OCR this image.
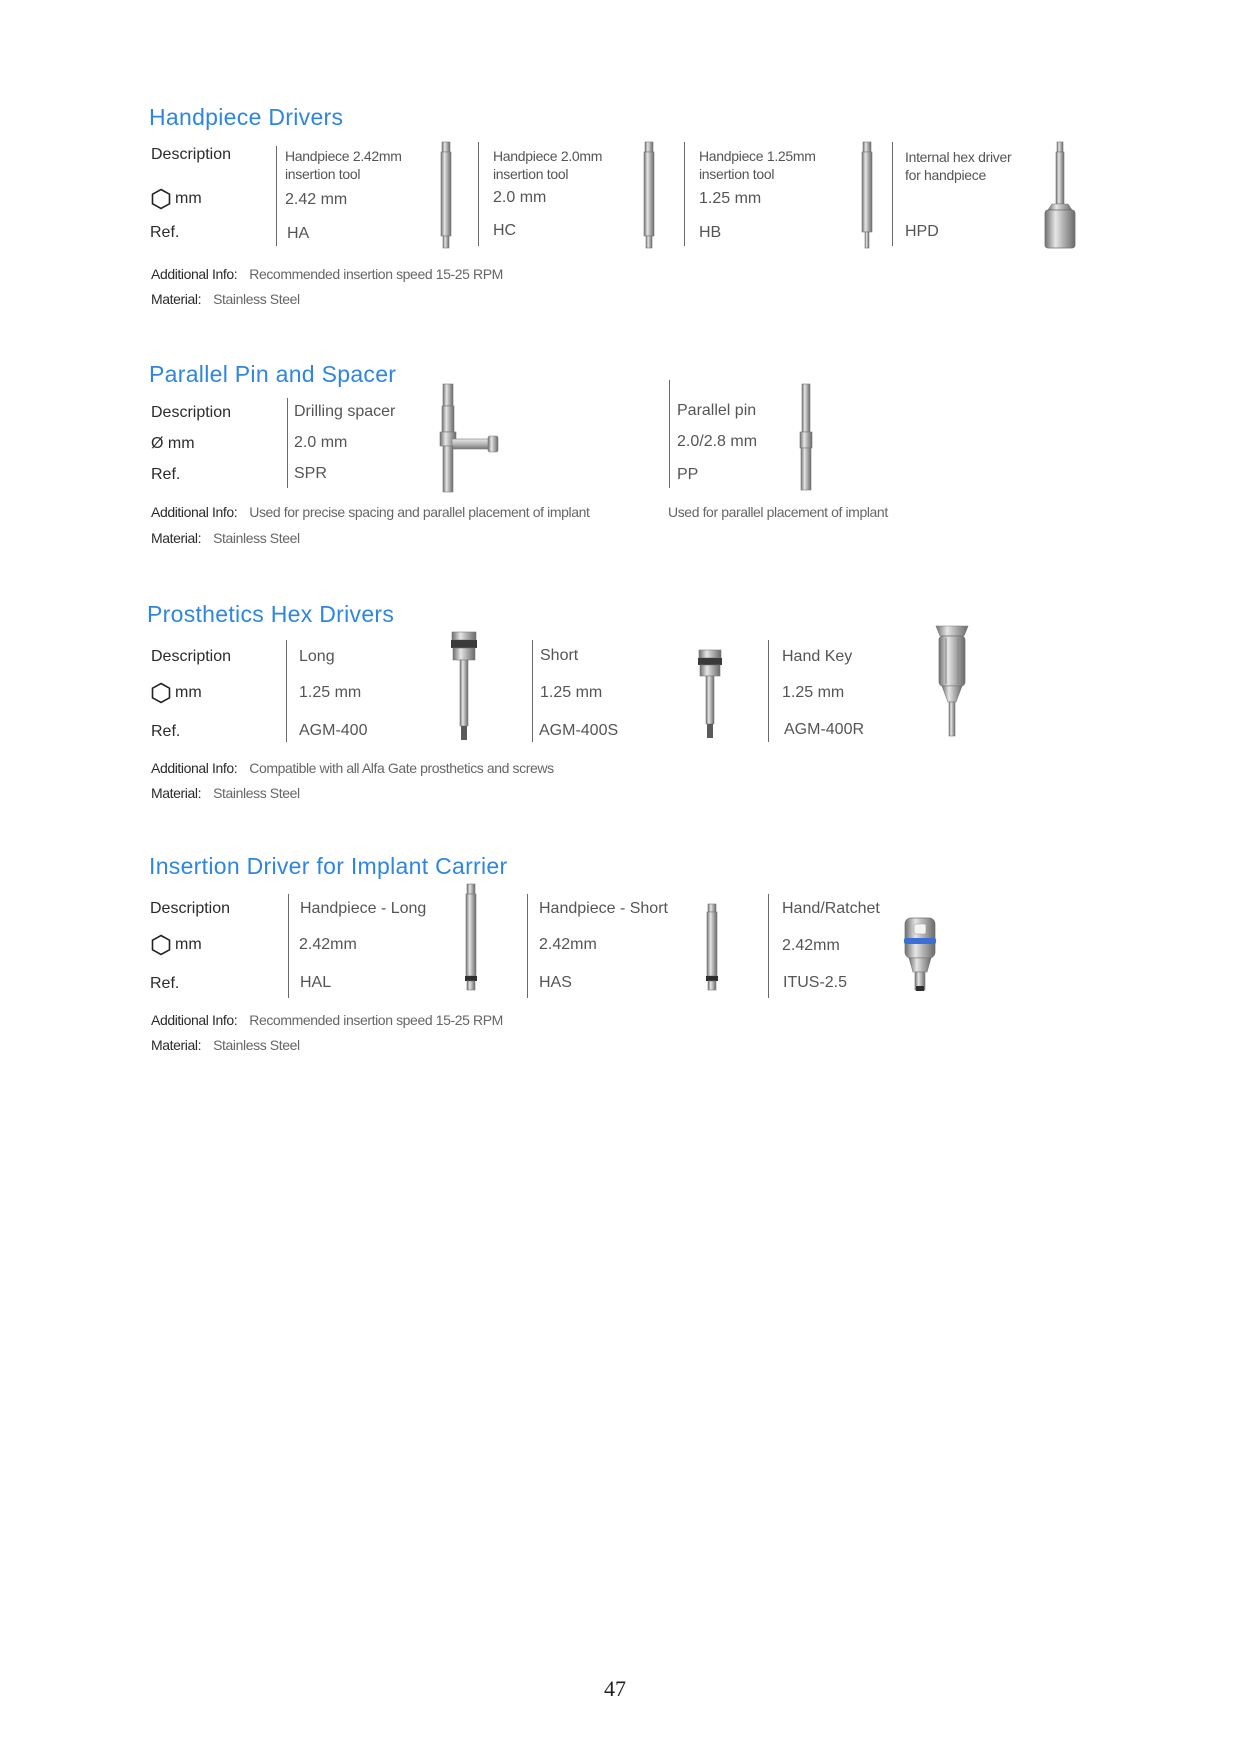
Handpiece Drivers
Description
mm
Ref.
Handpiece 2.42mm
insertion tool
2.42 mm
HA
Handpiece 2.0mm
insertion tool
2.0 mm
HC
Handpiece 1.25mm
insertion tool
1.25 mm
HB
Internal hex driver
for handpiece
HPD
Additional Info: Recommended insertion speed 15-25 RPM
Material: Stainless Steel
Parallel Pin and Spacer
Description
Ø mm
Ref.
Drilling spacer
2.0 mm
SPR
Parallel pin
2.0/2.8 mm
PP
Additional Info: Used for precise spacing and parallel placement of implant	Used for parallel placement of implant
Material: Stainless Steel
Prosthetics Hex Drivers
Description
mm
Ref.
Long
1.25 mm
AGM-400
Short
1.25 mm
AGM-400S
Hand Key
1.25 mm
AGM-400R
Additional Info: Compatible with all Alfa Gate prosthetics and screws
Material: Stainless Steel
Insertion Driver for Implant Carrier
Description
mm
Ref.
Handpiece - Long
2.42mm
HAL
Handpiece - Short
2.42mm
HAS
Hand/Ratchet
2.42mm
ITUS-2.5
Additional Info: Recommended insertion speed 15-25 RPM
Material: Stainless Steel
47
